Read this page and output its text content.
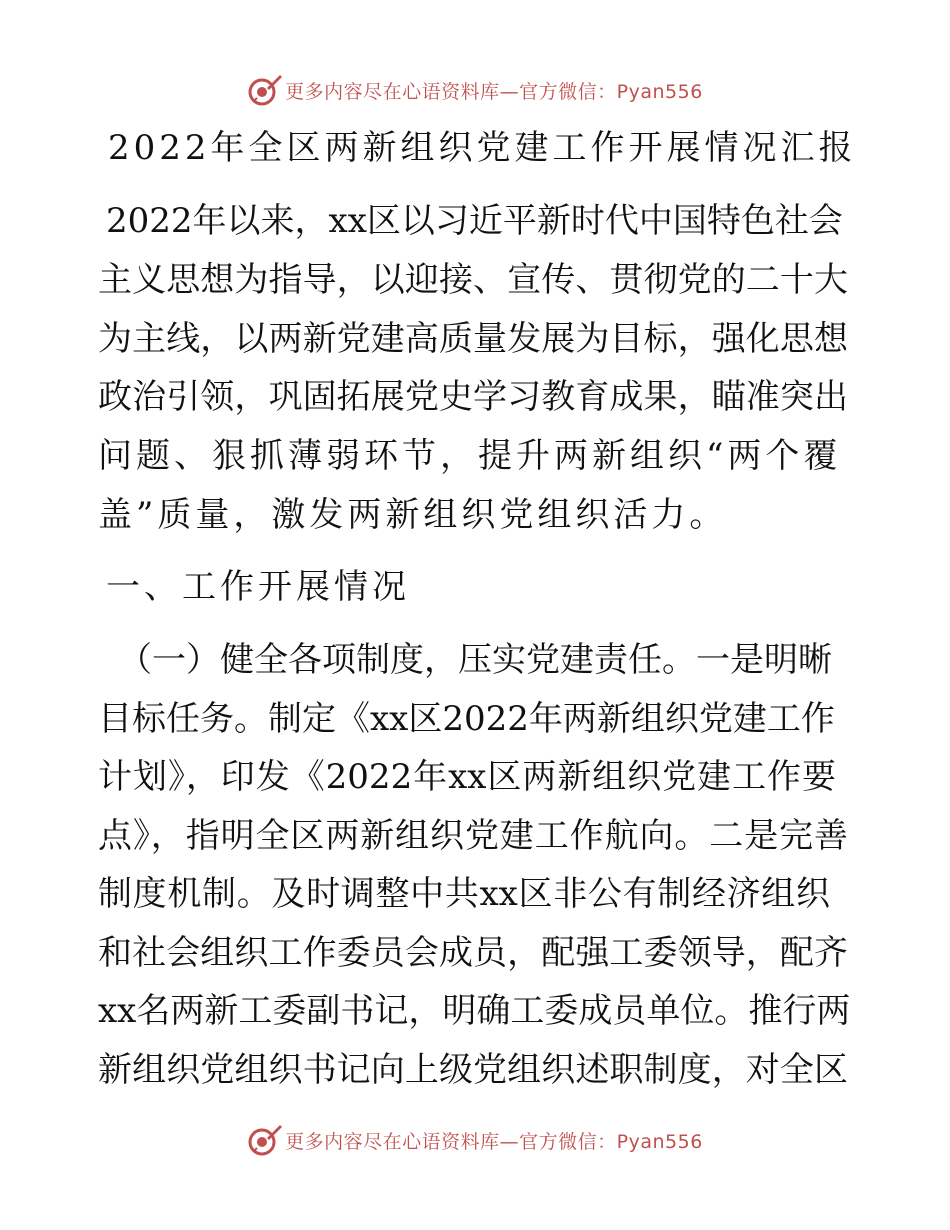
更多内容尽在心语资料库—官方微信：Pyan556
2022年全区两新组织党建工作开展情况汇报
2022年以来，xx区以习近平新时代中国特色社会
主义思想为指导，以迎接、宣传、贯彻党的二十大
为主线，以两新党建高质量发展为目标，强化思想
政治引领，巩固拓展党史学习教育成果，瞄准突出
问题、狠抓薄弱环节，提升两新组织“两个覆
盖”质量，激发两新组织党组织活力。
一、工作开展情况
（一）健全各项制度，压实党建责任。一是明晰
目标任务。制定《xx区2022年两新组织党建工作
计划》，印发《2022年xx区两新组织党建工作要
点》，指明全区两新组织党建工作航向。二是完善
制度机制。及时调整中共xx区非公有制经济组织
和社会组织工作委员会成员，配强工委领导，配齐
xx名两新工委副书记，明确工委成员单位。推行两
新组织党组织书记向上级党组织述职制度，对全区
更多内容尽在心语资料库—官方微信：Pyan556
